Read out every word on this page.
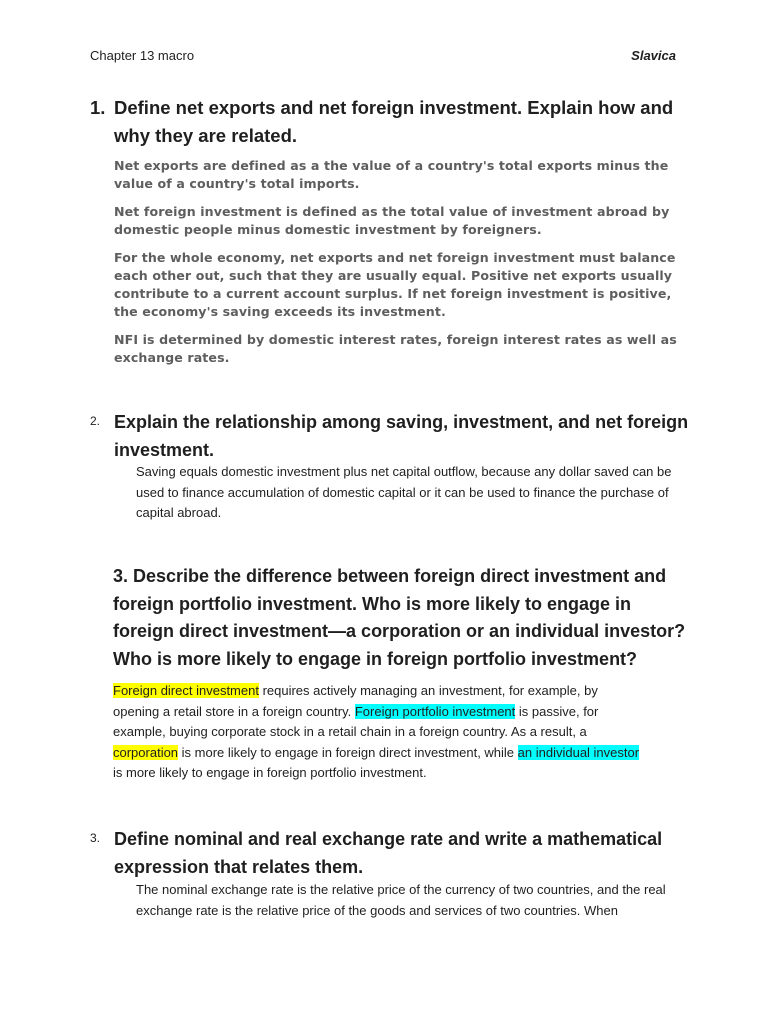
Chapter 13 macro	Slavica
1. Define net exports and net foreign investment. Explain how and why they are related.

Net exports are defined as a the value of a country's total exports minus the value of a country's total imports.

Net foreign investment is defined as the total value of investment abroad by domestic people minus domestic investment by foreigners.

For the whole economy, net exports and net foreign investment must balance each other out, such that they are usually equal. Positive net exports usually contribute to a current account surplus. If net foreign investment is positive, the economy's saving exceeds its investment.

NFI is determined by domestic interest rates, foreign interest rates as well as exchange rates.

2. Explain the relationship among saving, investment, and net foreign investment.
Saving equals domestic investment plus net capital outflow, because any dollar saved can be used to finance accumulation of domestic capital or it can be used to finance the purchase of capital abroad.
3. Describe the difference between foreign direct investment and foreign portfolio investment. Who is more likely to engage in foreign direct investment—a corporation or an individual investor? Who is more likely to engage in foreign portfolio investment?
Foreign direct investment requires actively managing an investment, for example, by opening a retail store in a foreign country. Foreign portfolio investment is passive, for example, buying corporate stock in a retail chain in a foreign country. As a result, a corporation is more likely to engage in foreign direct investment, while an individual investor is more likely to engage in foreign portfolio investment.
3. Define nominal and real exchange rate and write a mathematical expression that relates them.
The nominal exchange rate is the relative price of the currency of two countries, and the real exchange rate is the relative price of the goods and services of two countries. When
